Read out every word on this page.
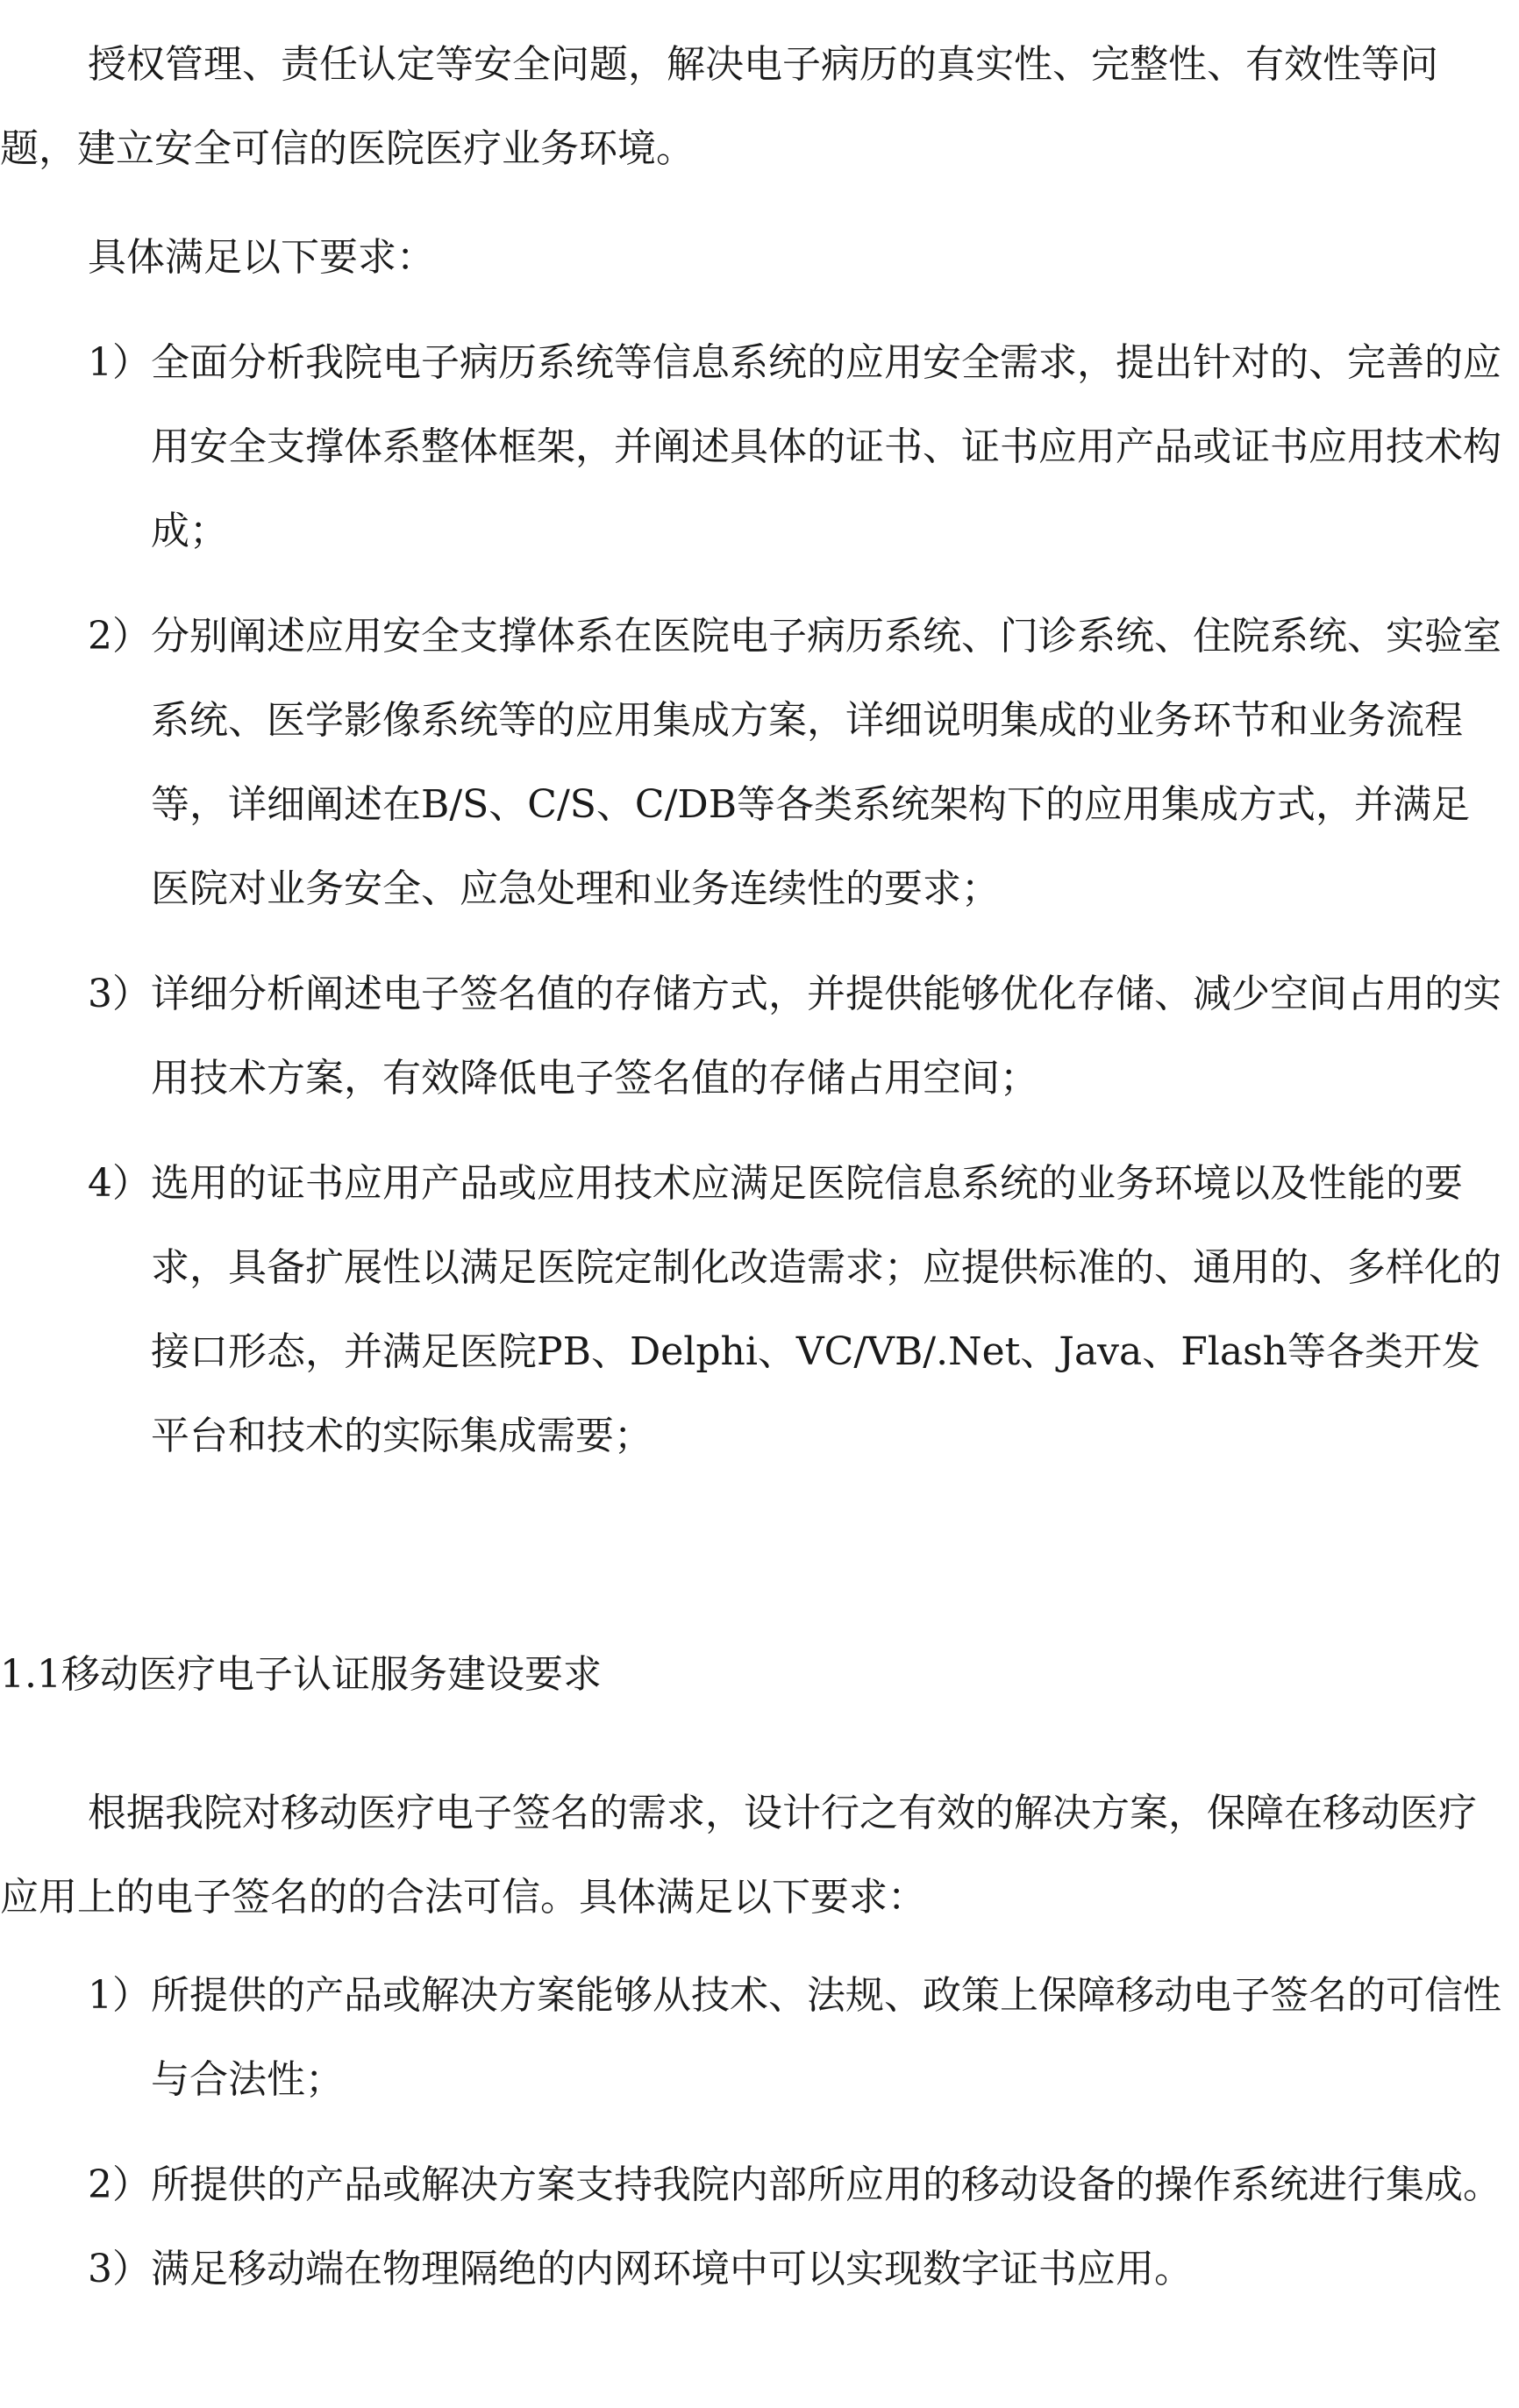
授权管理、责任认定等安全问题，解决电子病历的真实性、完整性、有效性等问题，建立安全可信的医院医疗业务环境。

具体满足以下要求：

1） 全面分析我院电子病历系统等信息系统的应用安全需求，提出针对的、完善的应用安全支撑体系整体框架，并阐述具体的证书、证书应用产品或证书应用技术构成；
2） 分别阐述应用安全支撑体系在医院电子病历系统、门诊系统、住院系统、实验室系统、医学影像系统等的应用集成方案，详细说明集成的业务环节和业务流程等，详细阐述在B/S、C/S、C/DB等各类系统架构下的应用集成方式，并满足医院对业务安全、应急处理和业务连续性的要求；
3） 详细分析阐述电子签名值的存储方式，并提供能够优化存储、减少空间占用的实用技术方案，有效降低电子签名值的存储占用空间；
4） 选用的证书应用产品或应用技术应满足医院信息系统的业务环境以及性能的要求，具备扩展性以满足医院定制化改造需求；应提供标准的、通用的、多样化的接口形态，并满足医院PB、Delphi、VC/VB/.Net、Java、Flash等各类开发平台和技术的实际集成需要；
1.1移动医疗电子认证服务建设要求

根据我院对移动医疗电子签名的需求，设计行之有效的解决方案，保障在移动医疗应用上的电子签名的的合法可信。具体满足以下要求：

1） 所提供的产品或解决方案能够从技术、法规、政策上保障移动电子签名的可信性与合法性；
2） 所提供的产品或解决方案支持我院内部所应用的移动设备的操作系统进行集成。
3） 满足移动端在物理隔绝的内网环境中可以实现数字证书应用。
